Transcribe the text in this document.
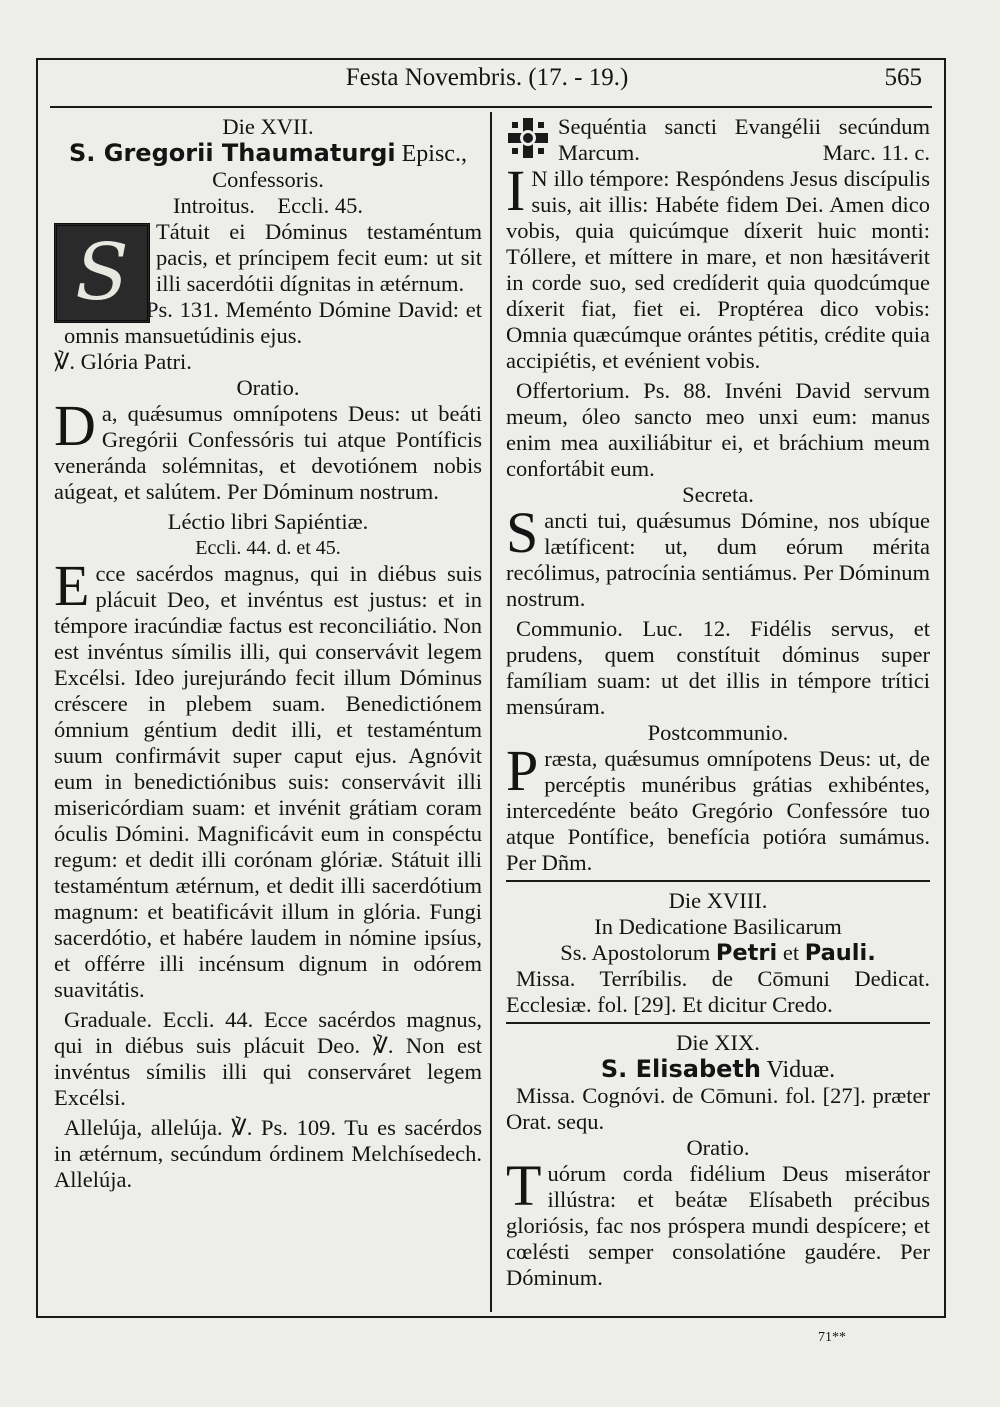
Festa Novembris. (17. - 19.)	565

Die XVII.

S. Gregorii Thaumaturgi Episc.,

Confessoris.

Introitus. Eccli. 45.

S	Tátuit ei Dóminus testaméntum pacis, et príncipem fecit eum: ut sit illi sacerdótii dígnitas in ætérnum.

Ps. 131. Meménto Dómine David: et omnis mansuetúdinis ejus.

℣. Glória Patri.

Oratio.

D a, quǽsumus omnípotens Deus: ut beáti Gregórii Confessóris tui atque Pontíficis veneránda solémnitas, et devotiónem nobis aúgeat, et salútem. Per Dóminum nostrum.

Léctio libri Sapiéntiæ.

Eccli. 44. d. et 45.

E cce sacérdos magnus, qui in diébus suis plácuit Deo, et invéntus est justus: et in témpore iracúndiæ factus est reconciliátio. Non est invéntus símilis illi, qui conservávit legem Excélsi. Ideo jurejurándo fecit illum Dóminus créscere in plebem suam. Benedictiónem ómnium géntium dedit illi, et testaméntum suum confirmávit super caput ejus. Agnóvit eum in benedictiónibus suis: conservávit illi misericórdiam suam: et invénit grátiam coram óculis Dómini. Magnificávit eum in conspéctu regum: et dedit illi corónam glóriæ. Státuit illi testaméntum ætérnum, et dedit illi sacerdótium magnum: et beatificávit illum in glória. Fungi sacerdótio, et habére laudem in nómine ipsíus, et offérre illi incénsum dignum in odórem suavitátis.

Graduale. Eccli. 44. Ecce sacérdos magnus, qui in diébus suis plácuit Deo. ℣. Non est invéntus símilis illi qui conserváret legem Excélsi.

Allelúja, allelúja. ℣. Ps. 109. Tu es sacérdos in ætérnum, secúndum órdinem Melchísedech. Allelúja.

Sequéntia sancti Evangélii secúndum Marcum.	Marc. 11. c.

I N illo témpore: Respóndens Jesus discípulis suis, ait illis: Habéte fidem Dei. Amen dico vobis, quia quicúmque díxerit huic monti: Tóllere, et míttere in mare, et non hæsitáverit in corde suo, sed credíderit quia quodcúmque díxerit fiat, fiet ei. Proptérea dico vobis: Omnia quæcúmque orántes pétitis, crédite quia accipiétis, et evénient vobis.

Offertorium. Ps. 88. Invéni David servum meum, óleo sancto meo unxi eum: manus enim mea auxiliábitur ei, et bráchium meum confortábit eum.

Secreta.

S ancti tui, quǽsumus Dómine, nos ubíque lætíficent: ut, dum eórum mérita recólimus, patrocínia sentiámus. Per Dóminum nostrum.

Communio. Luc. 12. Fidélis servus, et prudens, quem constítuit dóminus super famíliam suam: ut det illis in témpore trítici mensúram.

Postcommunio.

P ræsta, quǽsumus omnípotens Deus: ut, de percéptis munéribus grátias exhibéntes, intercedénte beáto Gregório Confessóre tuo atque Pontífice, benefícia potióra sumámus. Per Dñm.

Die XVIII.

In Dedicatione Basilicarum

Ss. Apostolorum Petri et Pauli.

Missa. Terríbilis. de Cōmuni Dedicat. Ecclesiæ. fol. [29]. Et dicitur Credo.

Die XIX.

S. Elisabeth Viduæ.

Missa. Cognóvi. de Cōmuni. fol. [27]. præter Orat. sequ.

Oratio.

T uórum corda fidélium Deus miserátor illústra: et beátæ Elísabeth précibus gloriósis, fac nos próspera mundi despícere; et cœlésti semper consolatióne gaudére. Per Dóminum.

71**
